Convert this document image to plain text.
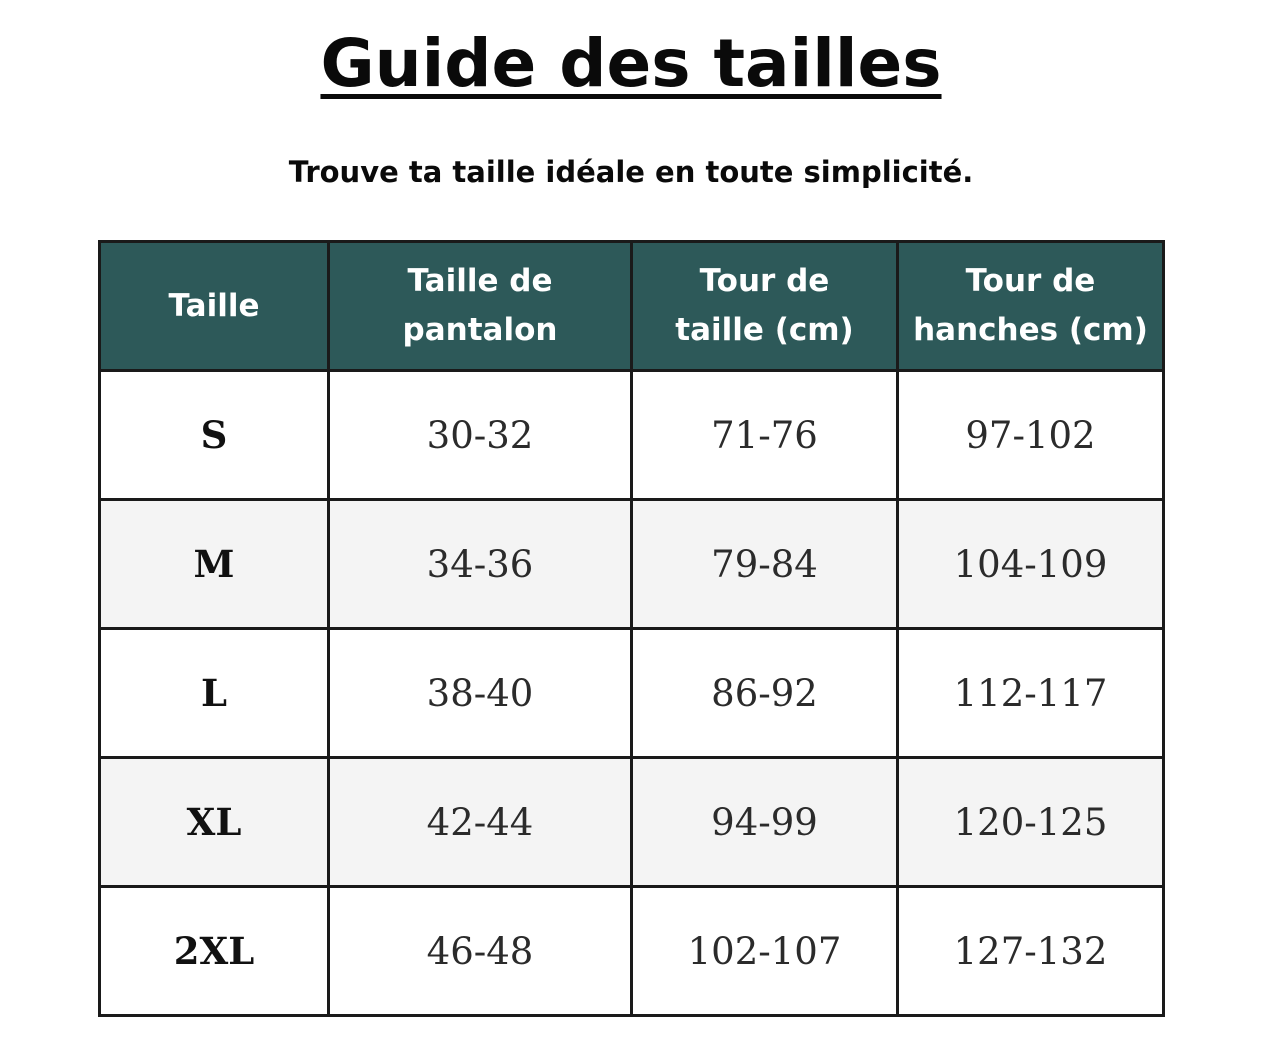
Guide des tailles

Trouve ta taille idéale en toute simplicité.

Taille	Taille de pantalon	Tour de taille (cm)	Tour de hanches (cm)
S	30-32	71-76	97-102
M	34-36	79-84	104-109
L	38-40	86-92	112-117
XL	42-44	94-99	120-125
2XL	46-48	102-107	127-132
